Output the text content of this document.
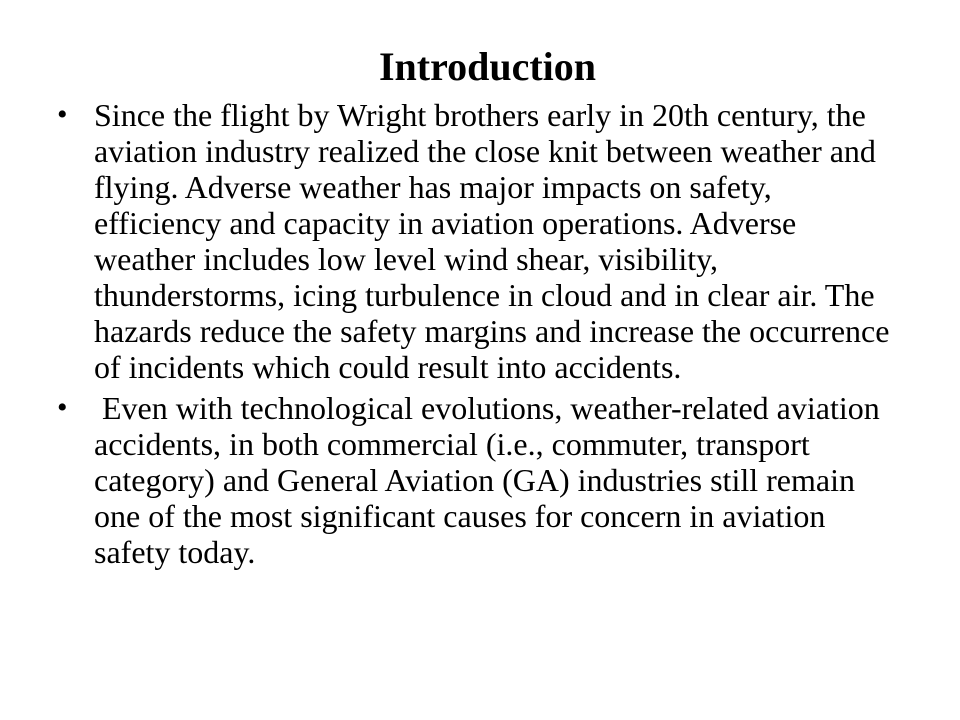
Introduction
• Since the flight by Wright brothers early in 20th century, the aviation industry realized the close knit between weather and flying. Adverse weather has major impacts on safety, efficiency and capacity in aviation operations. Adverse weather includes low level wind shear, visibility, thunderstorms, icing turbulence in cloud and in clear air. The hazards reduce the safety margins and increase the occurrence of incidents which could result into accidents.
• Even with technological evolutions, weather-related aviation accidents, in both commercial (i.e., commuter, transport category) and General Aviation (GA) industries still remain one of the most significant causes for concern in aviation safety today.
